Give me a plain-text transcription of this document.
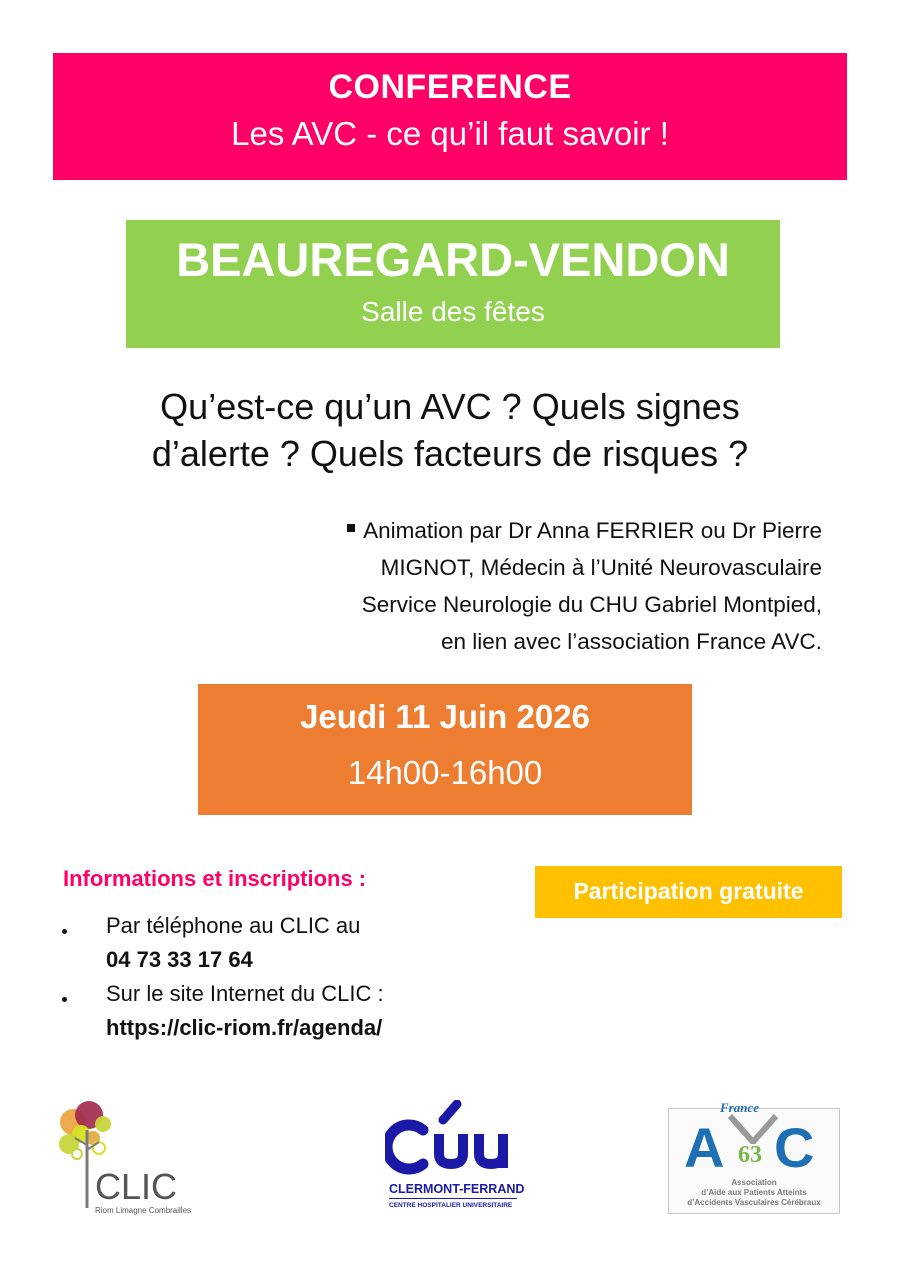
CONFERENCE
Les AVC - ce qu’il faut savoir !
BEAUREGARD-VENDON
Salle des fêtes
Qu’est-ce qu’un AVC ? Quels signes
d’alerte ? Quels facteurs de risques ?
Animation par Dr Anna FERRIER ou Dr Pierre
MIGNOT, Médecin à l’Unité Neurovasculaire
Service Neurologie du CHU Gabriel Montpied,
en lien avec l’association France AVC.
Jeudi 11 Juin 2026
14h00-16h00
Informations et inscriptions :
Par téléphone au CLIC au
04 73 33 17 64
Sur le site Internet du CLIC :
https://clic-riom.fr/agenda/
Participation gratuite
CLIC
Riom Limagne Combrailles
CLERMONT-FERRAND
CENTRE HOSPITALIER UNIVERSITAIRE
France
A 63 C
Association
d’Aide aux Patients Atteints
d’Accidents Vasculaires Cérébraux
